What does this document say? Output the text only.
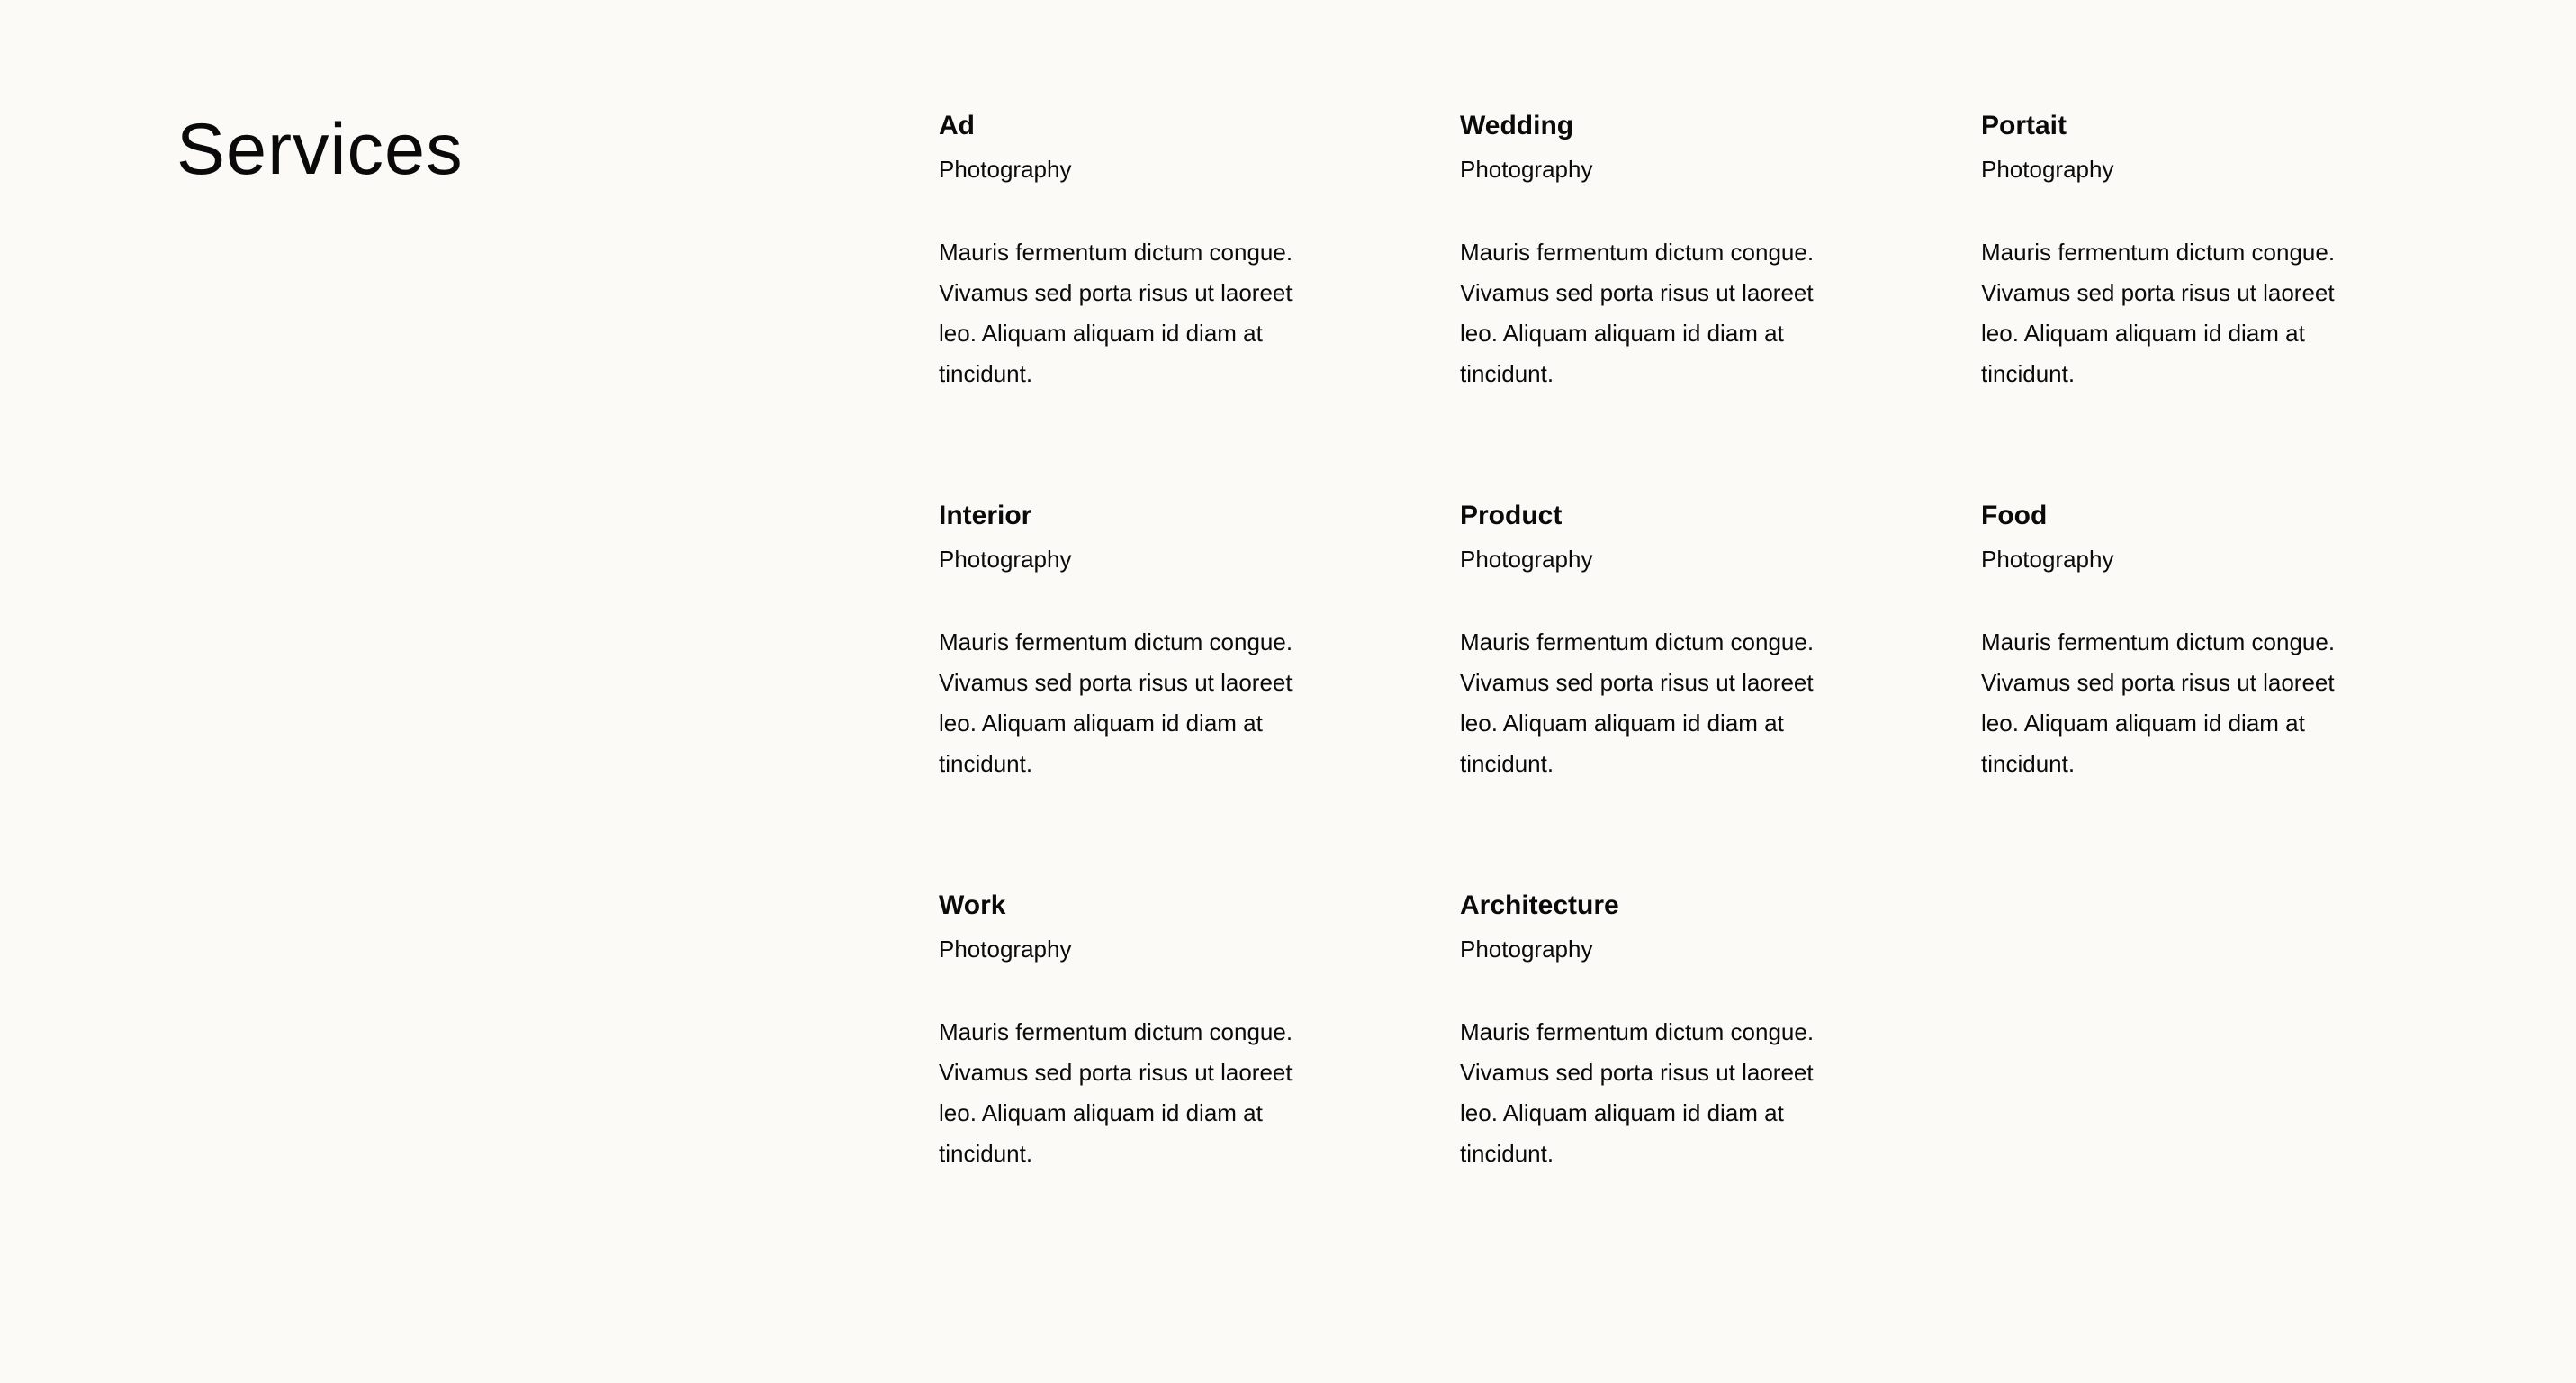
Services	Ad

Photography

Mauris fermentum dictum congue. Vivamus sed porta risus ut laoreet leo. Aliquam aliquam id diam at tincidunt.

Wedding

Photography

Mauris fermentum dictum congue. Vivamus sed porta risus ut laoreet leo. Aliquam aliquam id diam at tincidunt.

Portait

Photography

Mauris fermentum dictum congue. Vivamus sed porta risus ut laoreet leo. Aliquam aliquam id diam at tincidunt.

Interior

Photography

Mauris fermentum dictum congue. Vivamus sed porta risus ut laoreet leo. Aliquam aliquam id diam at tincidunt.

Product

Photography

Mauris fermentum dictum congue. Vivamus sed porta risus ut laoreet leo. Aliquam aliquam id diam at tincidunt.

Food

Photography

Mauris fermentum dictum congue. Vivamus sed porta risus ut laoreet leo. Aliquam aliquam id diam at tincidunt.

Work

Photography

Mauris fermentum dictum congue. Vivamus sed porta risus ut laoreet leo. Aliquam aliquam id diam at tincidunt.

Architecture

Photography

Mauris fermentum dictum congue. Vivamus sed porta risus ut laoreet leo. Aliquam aliquam id diam at tincidunt.
